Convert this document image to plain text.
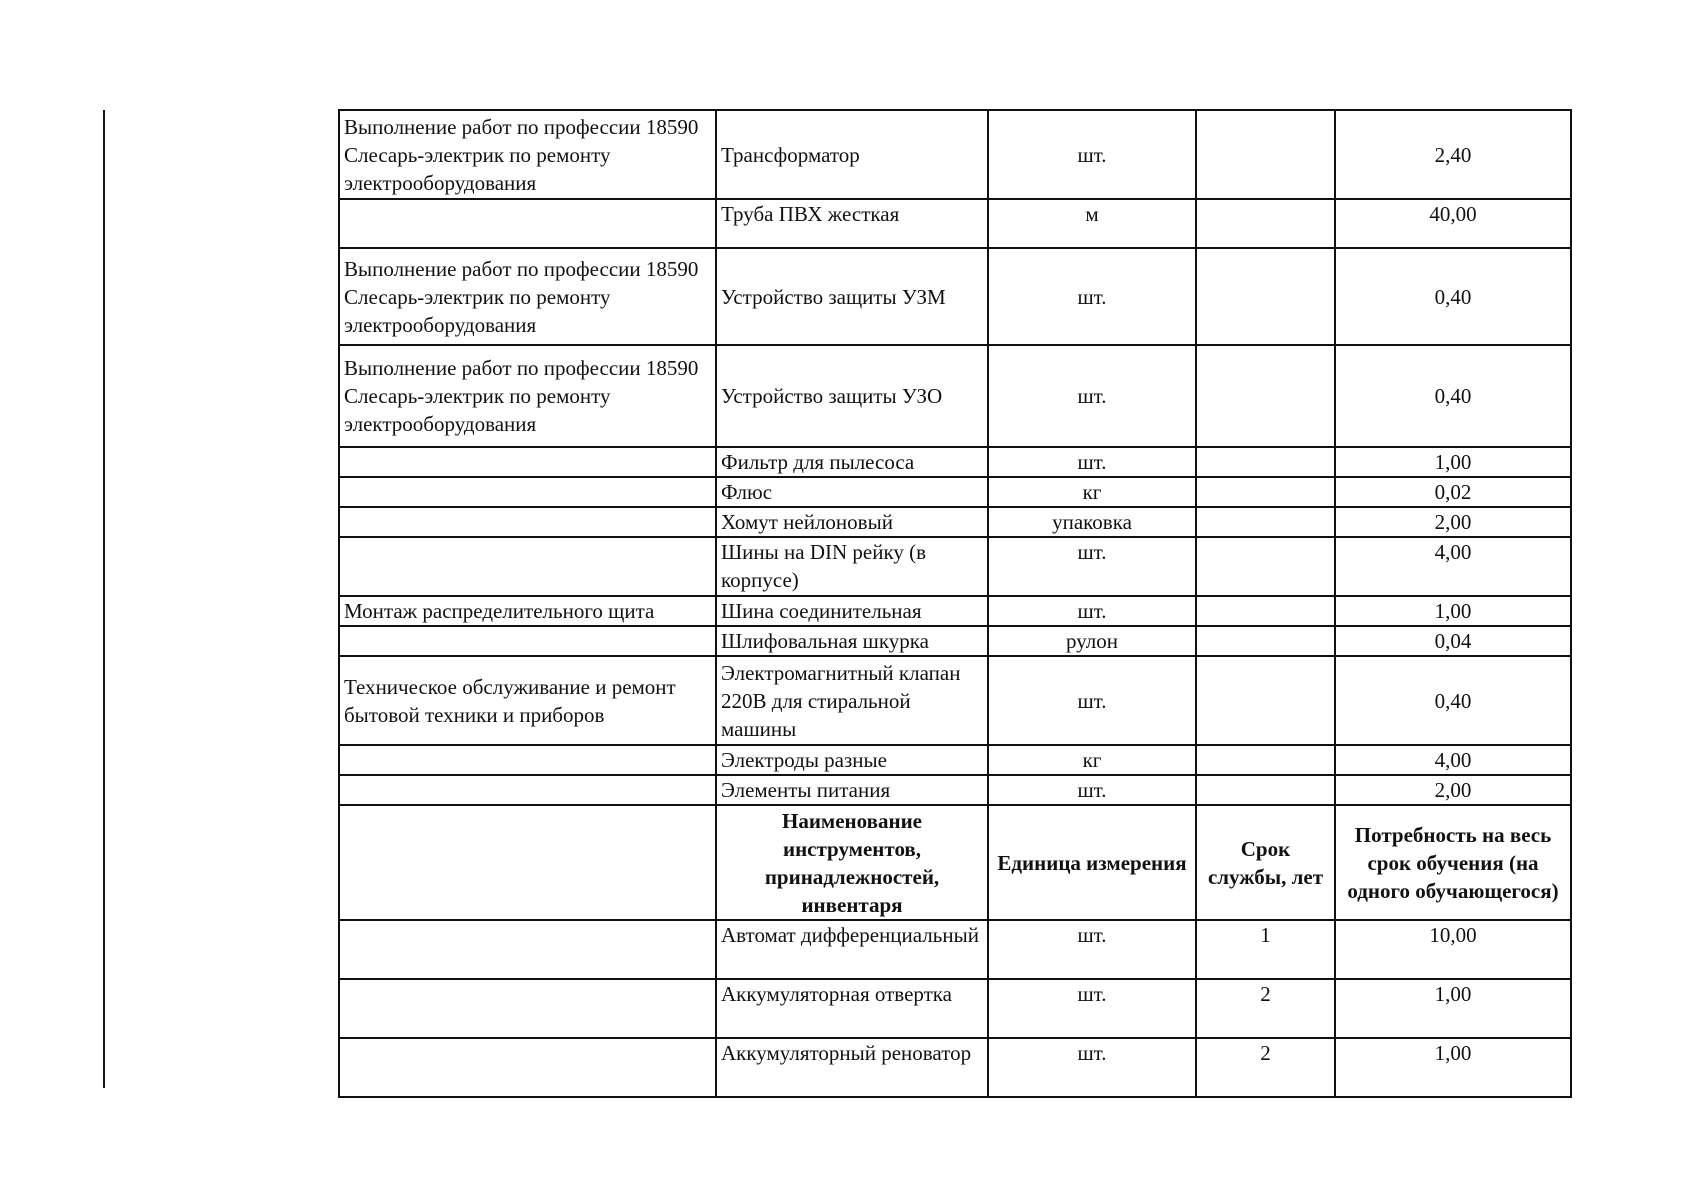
Выполнение работ по профессии 18590 Слесарь-электрик по ремонту электрооборудования	Трансформатор	шт.		2,40
	Труба ПВХ жесткая	м		40,00
Выполнение работ по профессии 18590 Слесарь-электрик по ремонту электрооборудования	Устройство защиты УЗМ	шт.		0,40
Выполнение работ по профессии 18590 Слесарь-электрик по ремонту электрооборудования	Устройство защиты УЗО	шт.		0,40
	Фильтр для пылесоса	шт.		1,00
	Флюс	кг		0,02
	Хомут нейлоновый	упаковка		2,00
	Шины на DIN рейку (в корпусе)	шт.		4,00
Монтаж распределительного щита	Шина соединительная	шт.		1,00
	Шлифовальная шкурка	рулон		0,04
Техническое обслуживание и ремонт бытовой техники и приборов	Электромагнитный клапан 220В для стиральной машины	шт.		0,40
	Электроды разные	кг		4,00
	Элементы питания	шт.		2,00
	Наименование инструментов, принадлежностей, инвентаря	Единица измерения	Срок службы, лет	Потребность на весь срок обучения (на одного обучающегося)
	Автомат дифференциальный	шт.	1	10,00
	Аккумуляторная отвертка	шт.	2	1,00
	Аккумуляторный реноватор	шт.	2	1,00
